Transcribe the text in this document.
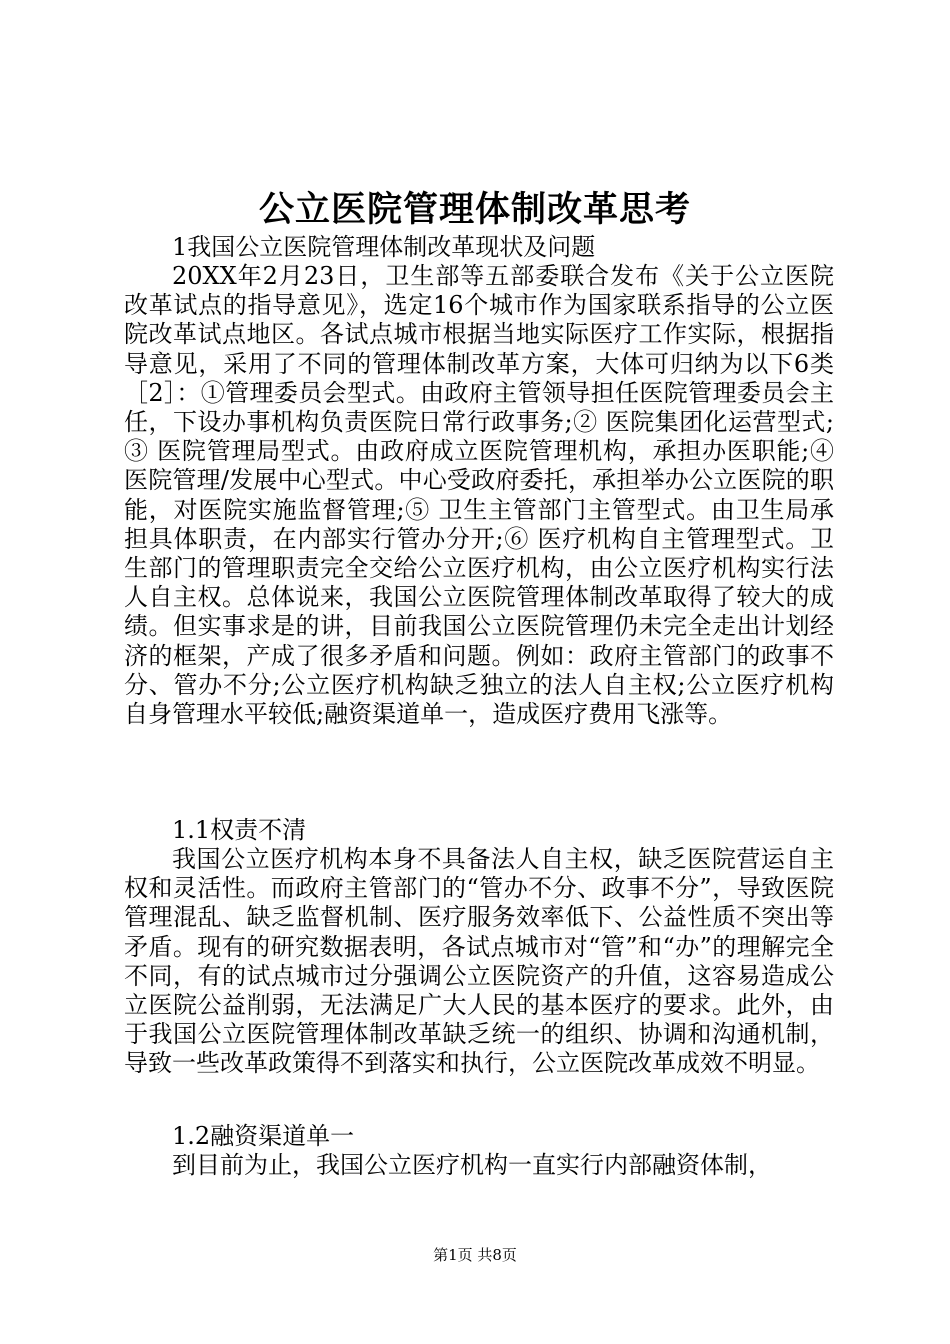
公立医院管理体制改革思考
1我国公立医院管理体制改革现状及问题
20XX年2月23日，卫生部等五部委联合发布《关于公立医院改革试点的指导意见》，选定16个城市作为国家联系指导的公立医院改革试点地区。各试点城市根据当地实际医疗工作实际，根据指导意见，采用了不同的管理体制改革方案，大体可归纳为以下6类［2］：①管理委员会型式。由政府主管领导担任医院管理委员会主任，下设办事机构负责医院日常行政事务;② 医院集团化运营型式;③ 医院管理局型式。由政府成立医院管理机构，承担办医职能;④ 医院管理/发展中心型式。中心受政府委托，承担举办公立医院的职能，对医院实施监督管理;⑤ 卫生主管部门主管型式。由卫生局承担具体职责，在内部实行管办分开;⑥ 医疗机构自主管理型式。卫生部门的管理职责完全交给公立医疗机构，由公立医疗机构实行法人自主权。总体说来，我国公立医院管理体制改革取得了较大的成绩。但实事求是的讲，目前我国公立医院管理仍未完全走出计划经济的框架，产成了很多矛盾和问题。例如：政府主管部门的政事不分、管办不分;公立医疗机构缺乏独立的法人自主权;公立医疗机构自身管理水平较低;融资渠道单一，造成医疗费用飞涨等。
1.1权责不清
我国公立医疗机构本身不具备法人自主权，缺乏医院营运自主权和灵活性。而政府主管部门的“管办不分、政事不分”，导致医院管理混乱、缺乏监督机制、医疗服务效率低下、公益性质不突出等矛盾。现有的研究数据表明，各试点城市对“管”和“办”的理解完全不同，有的试点城市过分强调公立医院资产的升值，这容易造成公立医院公益削弱，无法满足广大人民的基本医疗的要求。此外，由于我国公立医院管理体制改革缺乏统一的组织、协调和沟通机制，导致一些改革政策得不到落实和执行，公立医院改革成效不明显。
1.2融资渠道单一
到目前为止，我国公立医疗机构一直实行内部融资体制，
第1页 共8页
